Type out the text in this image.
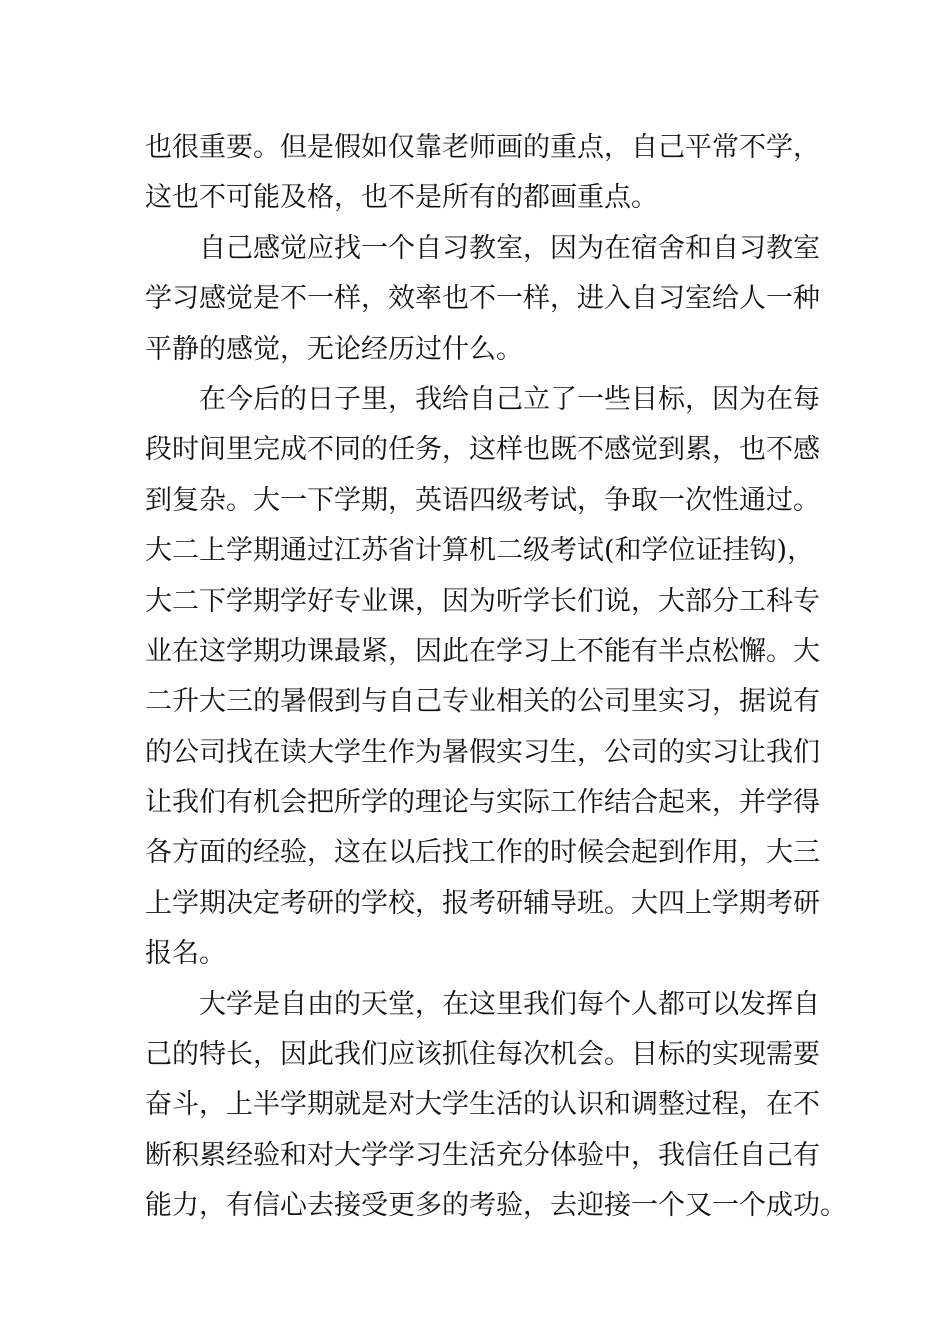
也很重要。但是假如仅靠老师画的重点，自己平常不学，
这也不可能及格，也不是所有的都画重点。
自己感觉应找一个自习教室，因为在宿舍和自习教室
学习感觉是不一样，效率也不一样，进入自习室给人一种
平静的感觉，无论经历过什么。
在今后的日子里，我给自己立了一些目标，因为在每
段时间里完成不同的任务，这样也既不感觉到累，也不感
到复杂。大一下学期，英语四级考试，争取一次性通过。
大二上学期通过江苏省计算机二级考试(和学位证挂钩)，
大二下学期学好专业课，因为听学长们说，大部分工科专
业在这学期功课最紧，因此在学习上不能有半点松懈。大
二升大三的暑假到与自己专业相关的公司里实习，据说有
的公司找在读大学生作为暑假实习生，公司的实习让我们
让我们有机会把所学的理论与实际工作结合起来，并学得
各方面的经验，这在以后找工作的时候会起到作用，大三
上学期决定考研的学校，报考研辅导班。大四上学期考研
报名。
大学是自由的天堂，在这里我们每个人都可以发挥自
己的特长，因此我们应该抓住每次机会。目标的实现需要
奋斗，上半学期就是对大学生活的认识和调整过程，在不
断积累经验和对大学学习生活充分体验中，我信任自己有
能力，有信心去接受更多的考验，去迎接一个又一个成功。
